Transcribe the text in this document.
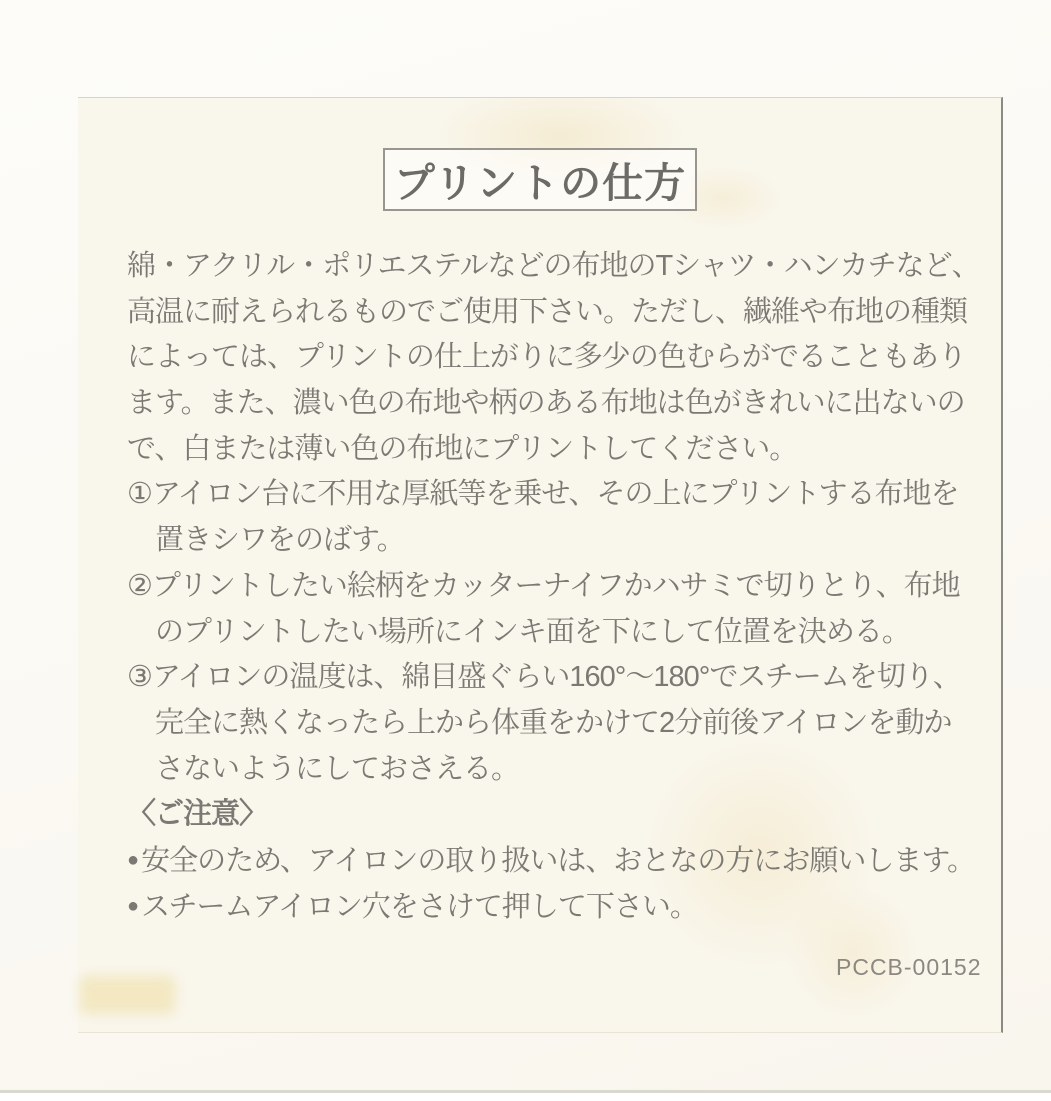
プリントの仕方
綿・アクリル・ポリエステルなどの布地のTシャツ・ハンカチなど、
高温に耐えられるものでご使用下さい。ただし、繊維や布地の種類
によっては、プリントの仕上がりに多少の色むらがでることもあり
ます。また、濃い色の布地や柄のある布地は色がきれいに出ないの
で、白または薄い色の布地にプリントしてください。
①アイロン台に不用な厚紙等を乗せ、その上にプリントする布地を
置きシワをのばす。
②プリントしたい絵柄をカッターナイフかハサミで切りとり、布地
のプリントしたい場所にインキ面を下にして位置を決める。
③アイロンの温度は、綿目盛ぐらい160°〜180°でスチームを切り、
完全に熱くなったら上から体重をかけて2分前後アイロンを動か
さないようにしておさえる。
〈ご注意〉
● 安全のため、アイロンの取り扱いは、おとなの方にお願いします。
● スチームアイロン穴をさけて押して下さい。
PCCB-00152
